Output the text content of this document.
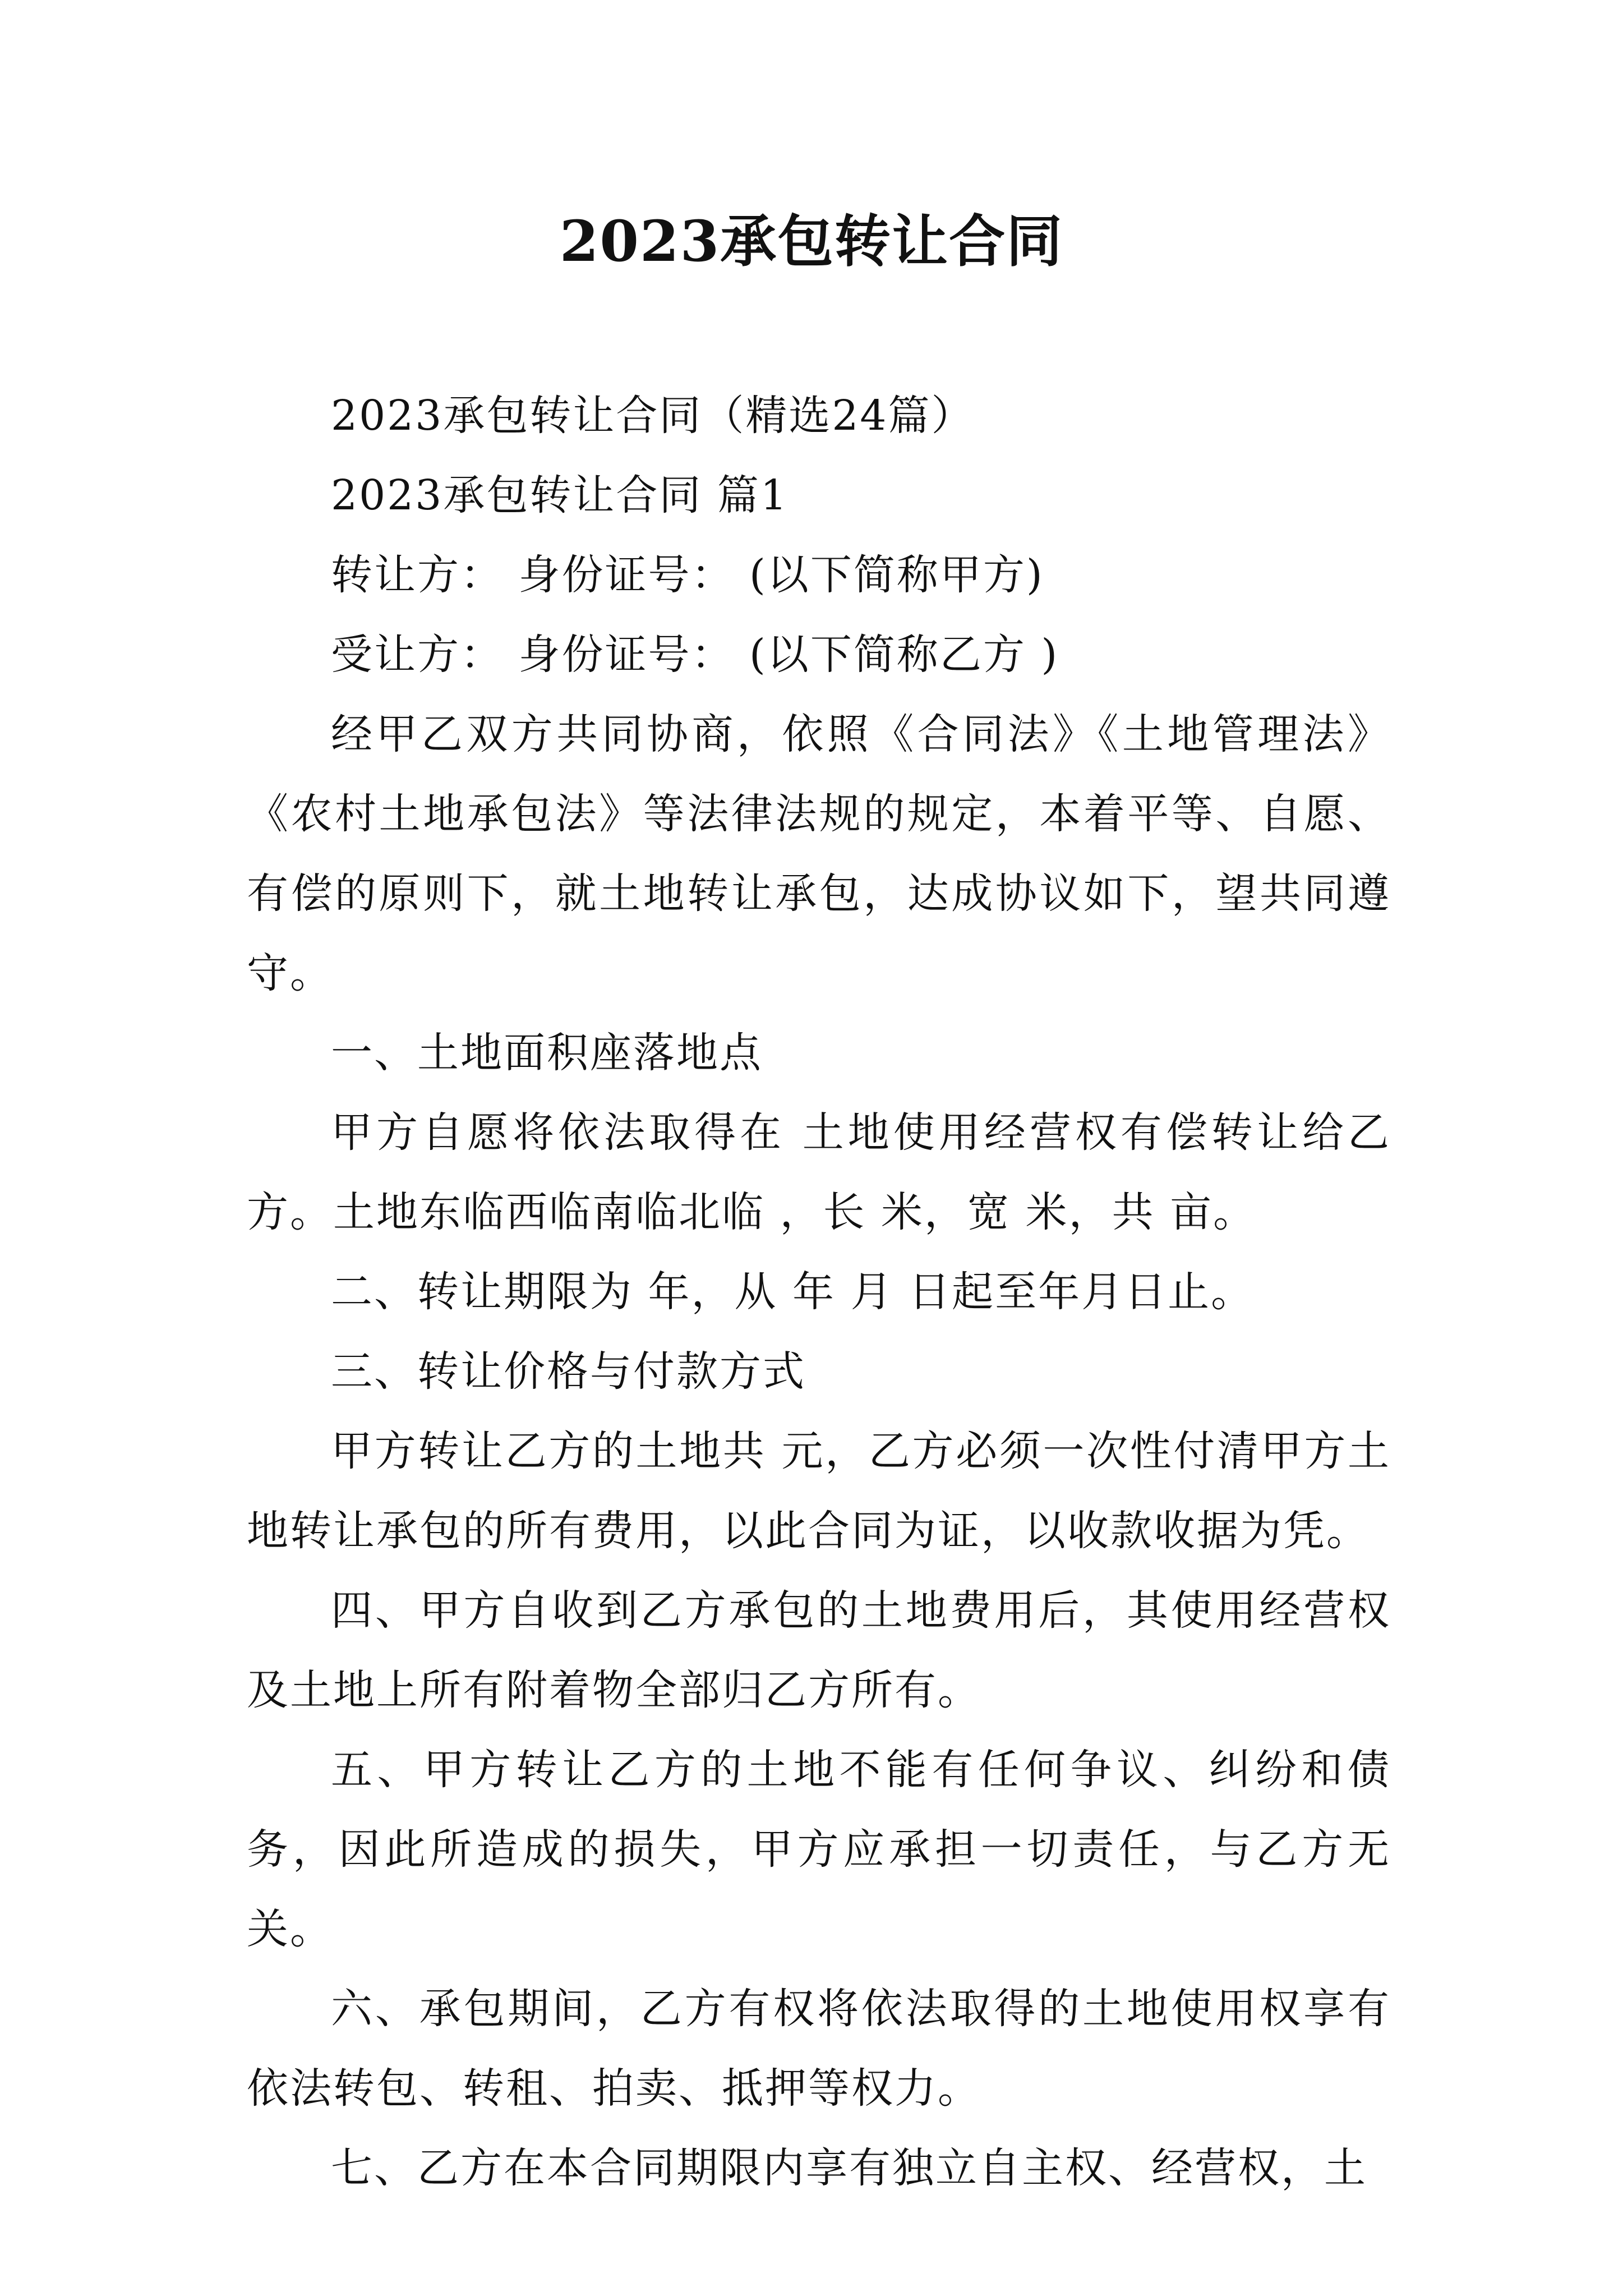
2023承包转让合同

2023承包转让合同（精选24篇）

2023承包转让合同 篇1

转让方： 身份证号： (以下简称甲方)

受让方： 身份证号： (以下简称乙方 )

经甲乙双方共同协商，依照《合同法》《土地管理法》《农村土地承包法》等法律法规的规定，本着平等、自愿、有偿的原则下，就土地转让承包，达成协议如下，望共同遵守。

一、土地面积座落地点

甲方自愿将依法取得在 土地使用经营权有偿转让给乙方。土地东临西临南临北临 ，长 米，宽 米，共 亩。

二、转让期限为 年，从 年 月 日起至年月日止。

三、转让价格与付款方式

甲方转让乙方的土地共 元，乙方必须一次性付清甲方土地转让承包的所有费用，以此合同为证，以收款收据为凭。

四、甲方自收到乙方承包的土地费用后，其使用经营权及土地上所有附着物全部归乙方所有。

五、甲方转让乙方的土地不能有任何争议、纠纷和债务，因此所造成的损失，甲方应承担一切责任，与乙方无关。

六、承包期间，乙方有权将依法取得的土地使用权享有依法转包、转租、拍卖、抵押等权力。

七、乙方在本合同期限内享有独立自主权、经营权，土
